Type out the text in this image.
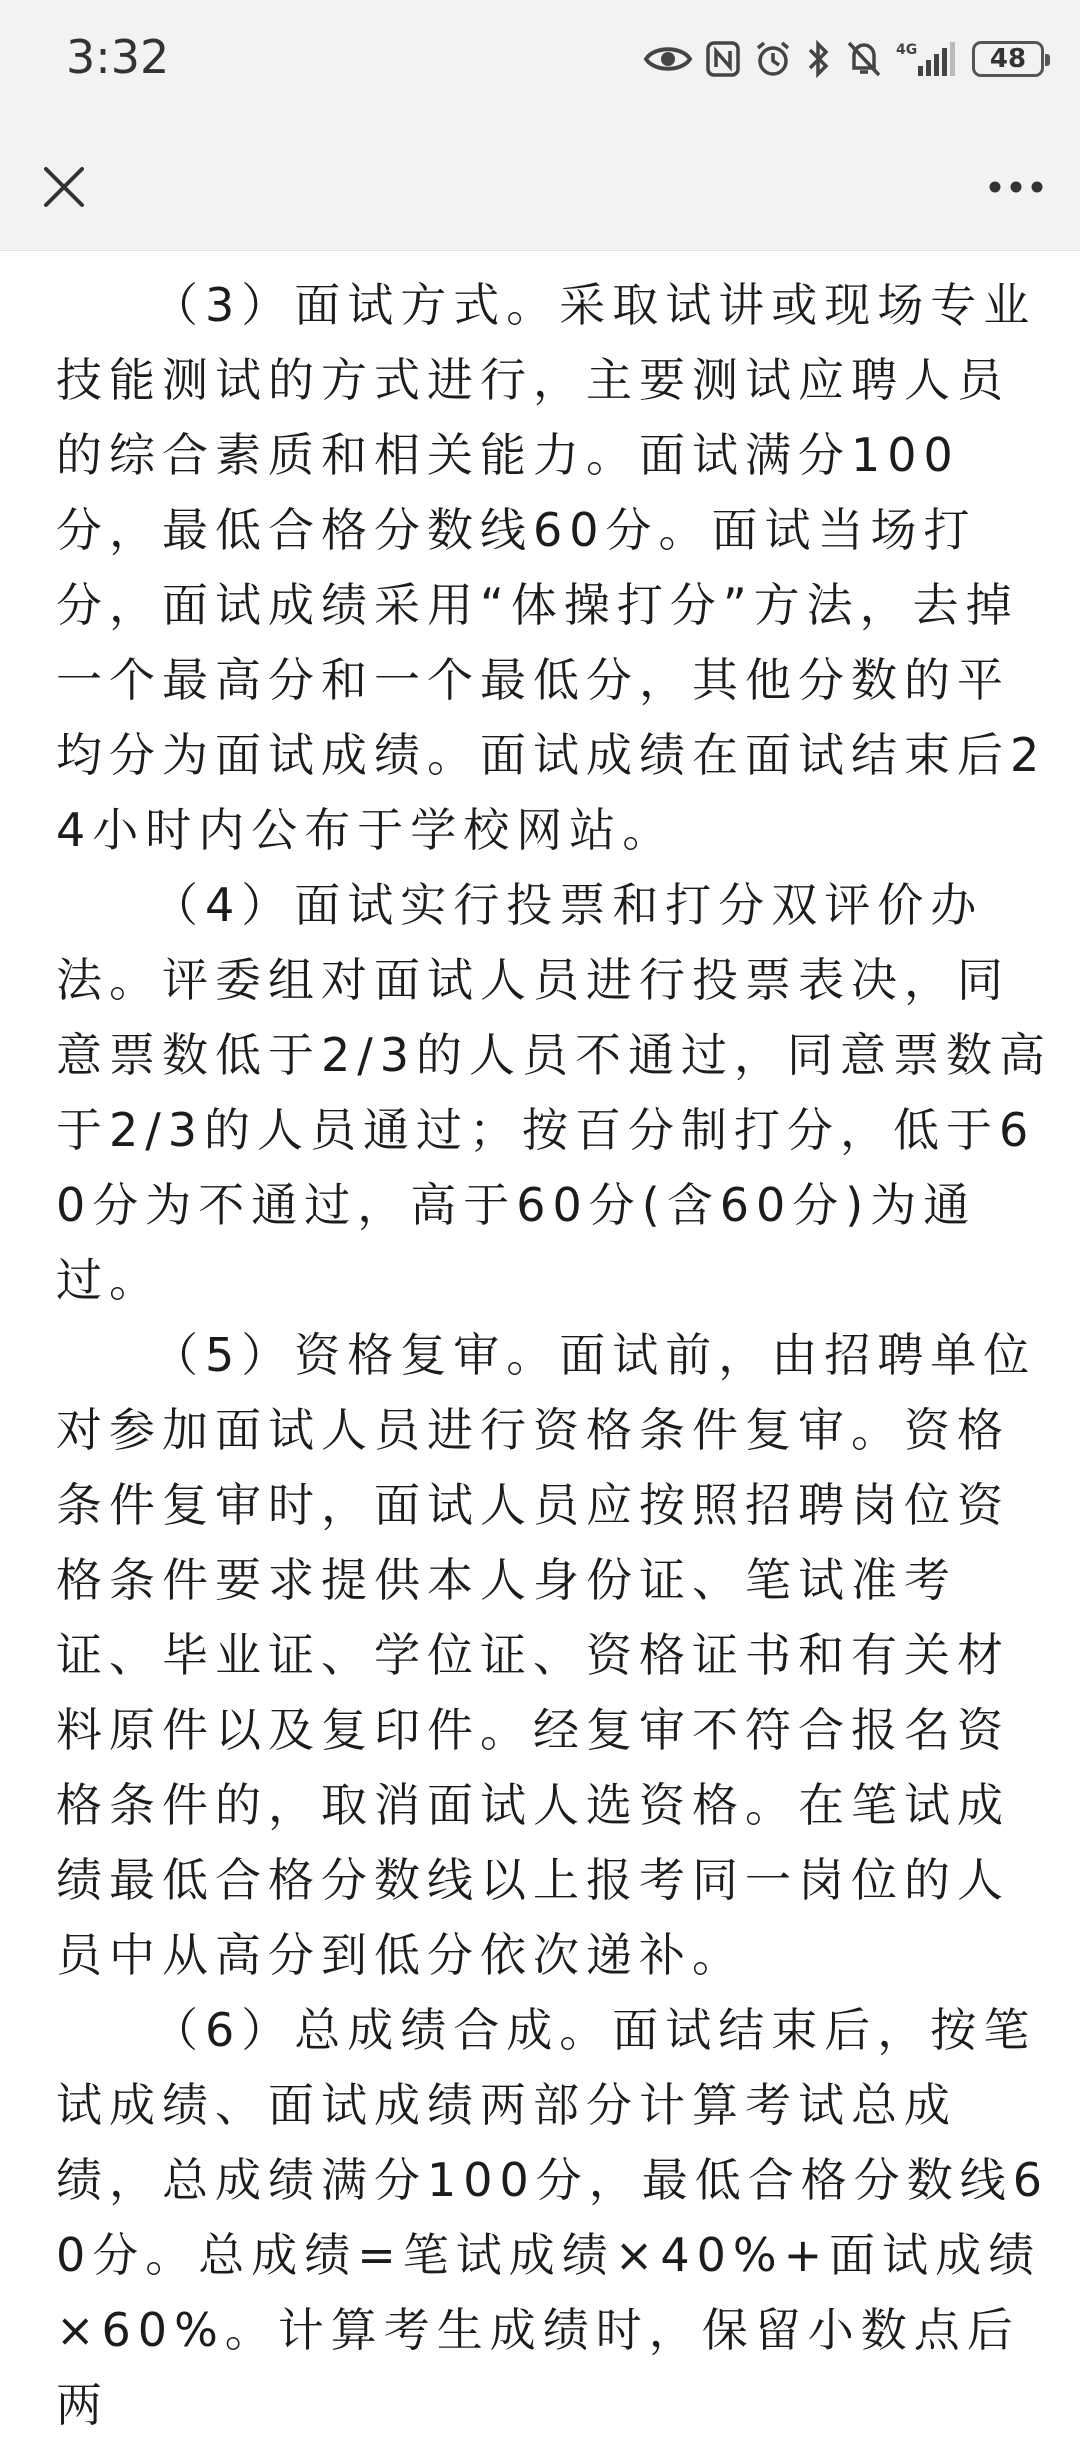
3:32	4G	48

（3）面试方式。采取试讲或现场专业技能测试的方式进行，主要测试应聘人员的综合素质和相关能力。面试满分100分，最低合格分数线60分。面试当场打分，面试成绩采用“体操打分”方法，去掉一个最高分和一个最低分，其他分数的平均分为面试成绩。面试成绩在面试结束后24小时内公布于学校网站。

（4）面试实行投票和打分双评价办法。评委组对面试人员进行投票表决，同意票数低于2/3的人员不通过，同意票数高于2/3的人员通过；按百分制打分，低于60分为不通过，高于60分(含60分)为通过。

（5）资格复审。面试前，由招聘单位对参加面试人员进行资格条件复审。资格条件复审时，面试人员应按照招聘岗位资格条件要求提供本人身份证、笔试准考证、毕业证、学位证、资格证书和有关材料原件以及复印件。经复审不符合报名资格条件的，取消面试人选资格。在笔试成绩最低合格分数线以上报考同一岗位的人员中从高分到低分依次递补。

（6）总成绩合成。面试结束后，按笔试成绩、面试成绩两部分计算考试总成绩，总成绩满分100分，最低合格分数线60分。总成绩=笔试成绩×40%+面试成绩×60%。计算考生成绩时，保留小数点后两
